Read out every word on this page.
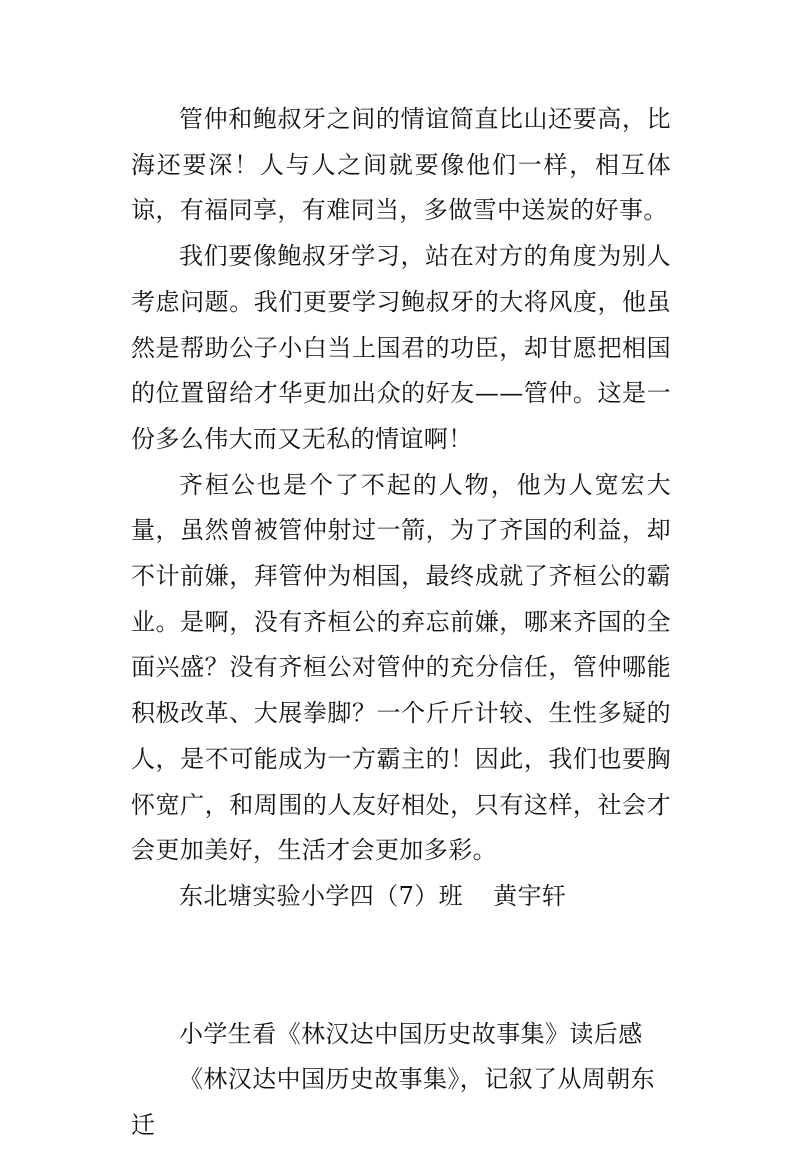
管仲和鲍叔牙之间的情谊简直比山还要高，比海还要深！人与人之间就要像他们一样，相互体谅，有福同享，有难同当，多做雪中送炭的好事。

我们要像鲍叔牙学习，站在对方的角度为别人考虑问题。我们更要学习鲍叔牙的大将风度，他虽然是帮助公子小白当上国君的功臣，却甘愿把相国的位置留给才华更加出众的好友——管仲。这是一份多么伟大而又无私的情谊啊！

齐桓公也是个了不起的人物，他为人宽宏大量，虽然曾被管仲射过一箭，为了齐国的利益，却不计前嫌，拜管仲为相国，最终成就了齐桓公的霸业。是啊，没有齐桓公的弃忘前嫌，哪来齐国的全面兴盛？没有齐桓公对管仲的充分信任，管仲哪能积极改革、大展拳脚？一个斤斤计较、生性多疑的人，是不可能成为一方霸主的！因此，我们也要胸怀宽广，和周围的人友好相处，只有这样，社会才会更加美好，生活才会更加多彩。

东北塘实验小学四（7）班 黄宇轩

小学生看《林汉达中国历史故事集》读后感

《林汉达中国历史故事集》，记叙了从周朝东迁
